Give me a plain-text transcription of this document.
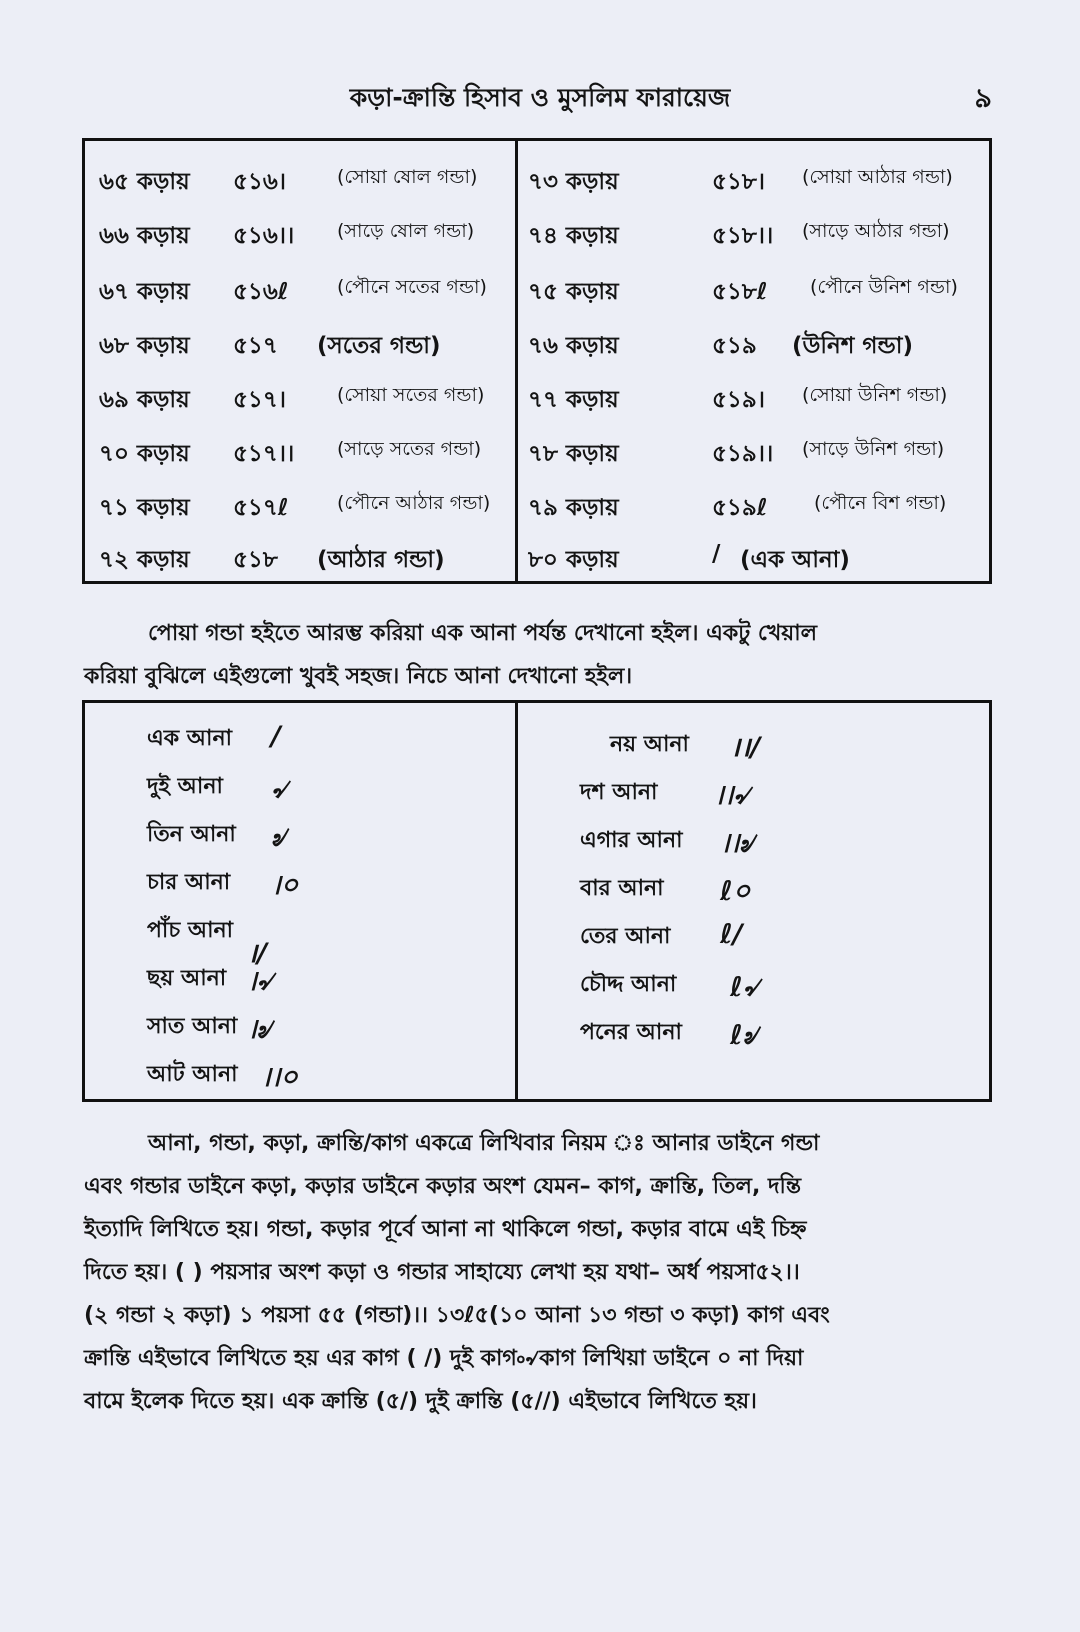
কড়া-ক্রান্তি হিসাব ও মুসলিম ফারায়েজ	৯
৬৫ কড়ায় ৫১৬।	(সোয়া ষোল গন্ডা)
৬৬ কড়ায় ৫১৬।। (সাড়ে ষোল গন্ডা)
৬৭ কড়ায় ৫১৬ℓ	(পৌনে সতের গন্ডা)
৬৮ কড়ায় ৫১৭ (সতের গন্ডা)
৬৯ কড়ায় ৫১৭।	(সোয়া সতের গন্ডা)
৭০ কড়ায় ৫১৭।। (সাড়ে সতের গন্ডা)
৭১ কড়ায় ৫১৭ℓ	(পৌনে আঠার গন্ডা)
৭২ কড়ায় ৫১৮ (আঠার গন্ডা)
৭৩ কড়ায়	৫১৮। (সোয়া আঠার গন্ডা)
৭৪ কড়ায়	৫১৮।। (সাড়ে আঠার গন্ডা)
৭৫ কড়ায়	৫১৮ℓ (পৌনে উনিশ গন্ডা)
৭৬ কড়ায়	৫১৯ (উনিশ গন্ডা)
৭৭ কড়ায়	৫১৯। (সোয়া উনিশ গন্ডা)
৭৮ কড়ায়	৫১৯।। (সাড়ে উনিশ গন্ডা)
৭৯ কড়ায়	৫১৯ℓ (পৌনে বিশ গন্ডা)
৮০ কড়ায়	/ (এক আনা)
পোয়া গন্ডা হইতে আরম্ভ করিয়া এক আনা পর্যন্ত দেখানো হইল। একটু খেয়াল
করিয়া বুঝিলে এইগুলো খুবই সহজ। নিচে আনা দেখানো হইল।
এক আনা /
দুই আনা ৵
তিন আনা ৶
চার আনা ।০
পাঁচ আনা
।/
ছয় আনা ।৵
সাত আনা ।৶
আট আনা ।।০
নয় আনা ।।/
দশ আনা ।।৵
এগার আনা ।।৶
বার আনা ℓ০
তের আনা ℓ/
চৌদ্দ আনা ℓ৵
পনের আনা ℓ৶
আনা, গন্ডা, কড়া, ক্রান্তি/কাগ একত্রে লিখিবার নিয়ম ঃ আনার ডাইনে গন্ডা
এবং গন্ডার ডাইনে কড়া, কড়ার ডাইনে কড়ার অংশ যেমন– কাগ, ক্রান্তি, তিল, দন্তি
ইত্যাদি লিখিতে হয়। গন্ডা, কড়ার পূর্বে আনা না থাকিলে গন্ডা, কড়ার বামে এই চিহ্ন
দিতে হয়। ( ) পয়সার অংশ কড়া ও গন্ডার সাহায্যে লেখা হয় যথা– অর্ধ পয়সা৫২।।
(২ গন্ডা ২ কড়া) ১ পয়সা ৫৫ (গন্ডা)।। ১৩ℓ৫(১০ আনা ১৩ গন্ডা ৩ কড়া) কাগ এবং
ক্রান্তি এইভাবে লিখিতে হয় এর কাগ ( /) দুই কাগ৹৵কাগ লিখিয়া ডাইনে ০ না দিয়া
বামে ইলেক দিতে হয়। এক ক্রান্তি (৫/) দুই ক্রান্তি (৫//) এইভাবে লিখিতে হয়।
